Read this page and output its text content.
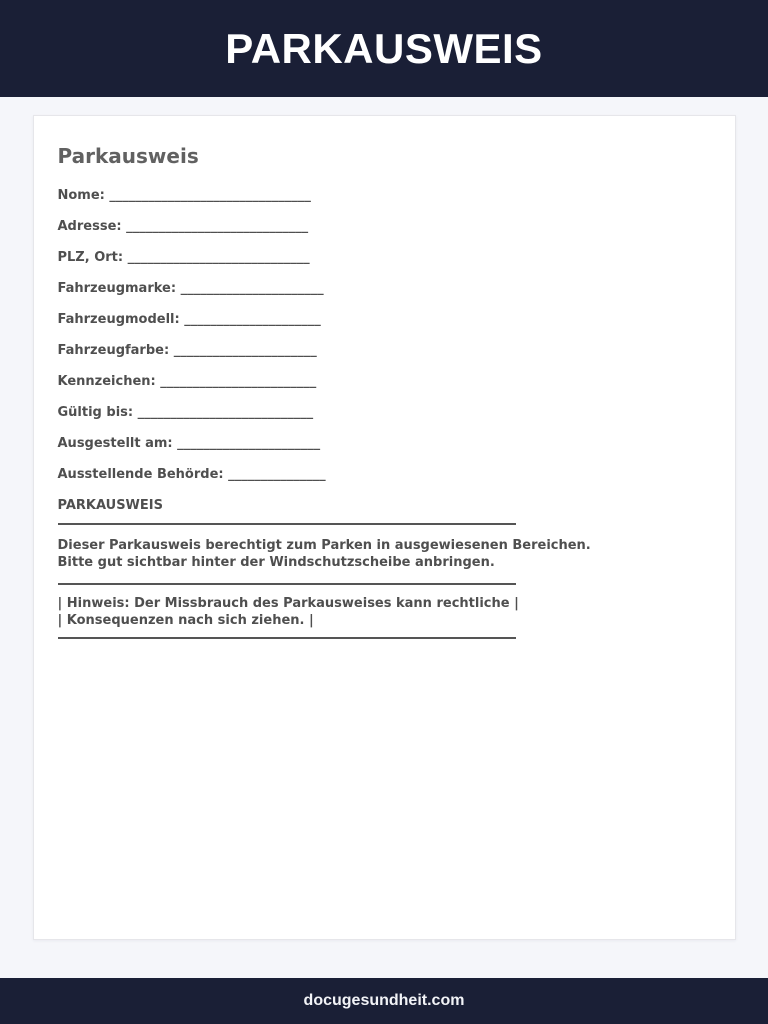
PARKAUSWEIS
Parkausweis
Nome: _______________________________
Adresse: ____________________________
PLZ, Ort: ____________________________
Fahrzeugmarke: ______________________
Fahrzeugmodell: _____________________
Fahrzeugfarbe: ______________________
Kennzeichen: ________________________
Gültig bis: ___________________________
Ausgestellt am: ______________________
Ausstellende Behörde: _______________
PARKAUSWEIS
Dieser Parkausweis berechtigt zum Parken in ausgewiesenen Bereichen.
Bitte gut sichtbar hinter der Windschutzscheibe anbringen.
| Hinweis: Der Missbrauch des Parkausweises kann rechtliche |
| Konsequenzen nach sich ziehen. |
docugesundheit.com
